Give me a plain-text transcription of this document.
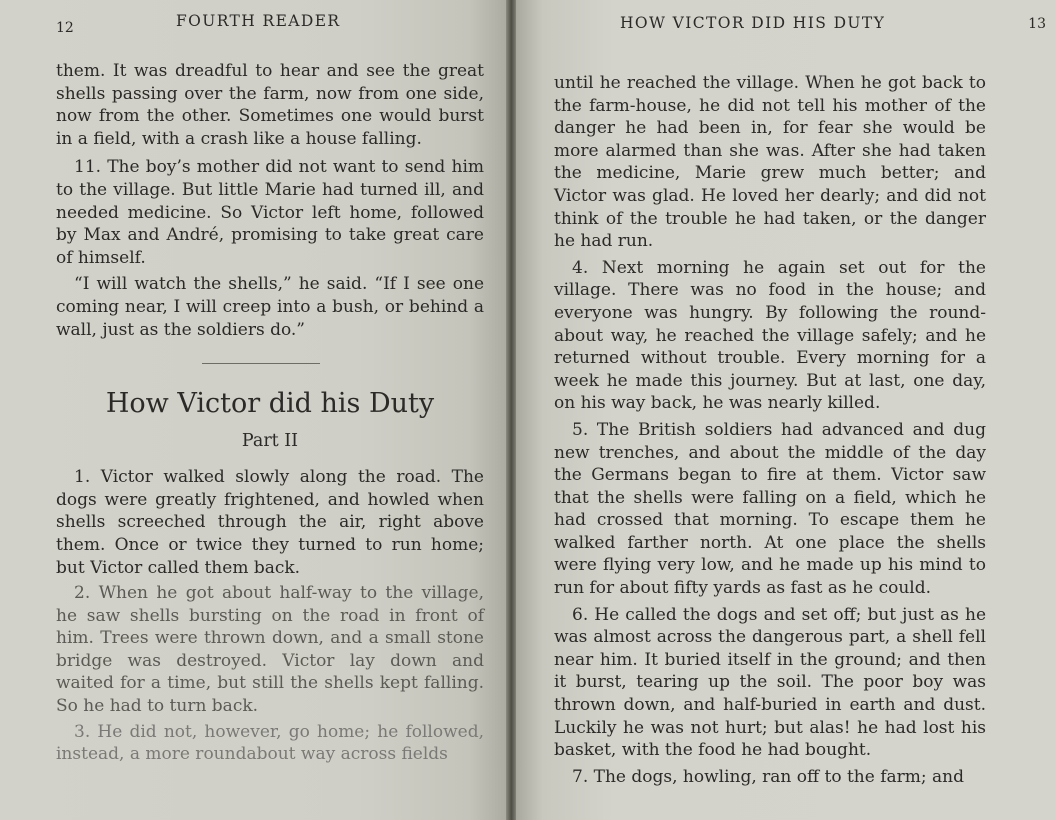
12	FOURTH READER

them. It was dreadful to hear and see the great shells passing over the farm, now from one side, now from the other. Sometimes one would burst in a field, with a crash like a house falling.

11. The boy’s mother did not want to send him to the village. But little Marie had turned ill, and needed medicine. So Victor left home, followed by Max and André, promising to take great care of himself.

“I will watch the shells,” he said. “If I see one coming near, I will creep into a bush, or behind a wall, just as the soldiers do.”

How Victor did his Duty
Part II

1. Victor walked slowly along the road. The dogs were greatly frightened, and howled when shells screeched through the air, right above them. Once or twice they turned to run home; but Victor called them back.

2. When he got about half-way to the village, he saw shells bursting on the road in front of him. Trees were thrown down, and a small stone bridge was destroyed. Victor lay down and waited for a time, but still the shells kept falling. So he had to turn back.

3. He did not, however, go home; he followed, instead, a more roundabout way across fields

HOW VICTOR DID HIS DUTY	13

until he reached the village. When he got back to the farm-house, he did not tell his mother of the danger he had been in, for fear she would be more alarmed than she was. After she had taken the medicine, Marie grew much better; and Victor was glad. He loved her dearly; and did not think of the trouble he had taken, or the danger he had run.

4. Next morning he again set out for the village. There was no food in the house; and everyone was hungry. By following the round-about way, he reached the village safely; and he returned without trouble. Every morning for a week he made this journey. But at last, one day, on his way back, he was nearly killed.

5. The British soldiers had advanced and dug new trenches, and about the middle of the day the Germans began to fire at them. Victor saw that the shells were falling on a field, which he had crossed that morning. To escape them he walked farther north. At one place the shells were flying very low, and he made up his mind to run for about fifty yards as fast as he could.

6. He called the dogs and set off; but just as he was almost across the dangerous part, a shell fell near him. It buried itself in the ground; and then it burst, tearing up the soil. The poor boy was thrown down, and half-buried in earth and dust. Luckily he was not hurt; but alas! he had lost his basket, with the food he had bought.

7. The dogs, howling, ran off to the farm; and
